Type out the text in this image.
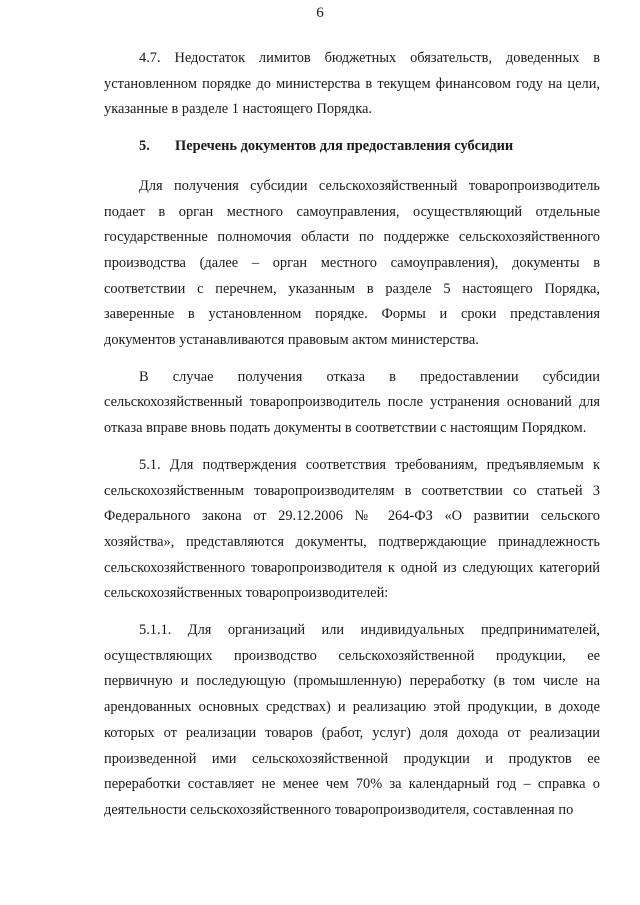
6

4.7. Недостаток лимитов бюджетных обязательств, доведенных в установленном порядке до министерства в текущем финансовом году на цели, указанные в разделе 1 настоящего Порядка.

5. Перечень документов для предоставления субсидии

Для получения субсидии сельскохозяйственный товаропроизводитель подает в орган местного самоуправления, осуществляющий отдельные государственные полномочия области по поддержке сельскохозяйственного производства (далее – орган местного самоуправления), документы в соответствии с перечнем, указанным в разделе 5 настоящего Порядка, заверенные в установленном порядке. Формы и сроки представления документов устанавливаются правовым актом министерства.

В случае получения отказа в предоставлении субсидии сельскохозяйственный товаропроизводитель после устранения оснований для отказа вправе вновь подать документы в соответствии с настоящим Порядком.

5.1. Для подтверждения соответствия требованиям, предъявляемым к сельскохозяйственным товаропроизводителям в соответствии со статьей 3 Федерального закона от 29.12.2006 № 264-ФЗ «О развитии сельского хозяйства», представляются документы, подтверждающие принадлежность сельскохозяйственного товаропроизводителя к одной из следующих категорий сельскохозяйственных товаропроизводителей:

5.1.1. Для организаций или индивидуальных предпринимателей, осуществляющих производство сельскохозяйственной продукции, ее первичную и последующую (промышленную) переработку (в том числе на арендованных основных средствах) и реализацию этой продукции, в доходе которых от реализации товаров (работ, услуг) доля дохода от реализации произведенной ими сельскохозяйственной продукции и продуктов ее переработки составляет не менее чем 70% за календарный год – справка о деятельности сельскохозяйственного товаропроизводителя, составленная по
